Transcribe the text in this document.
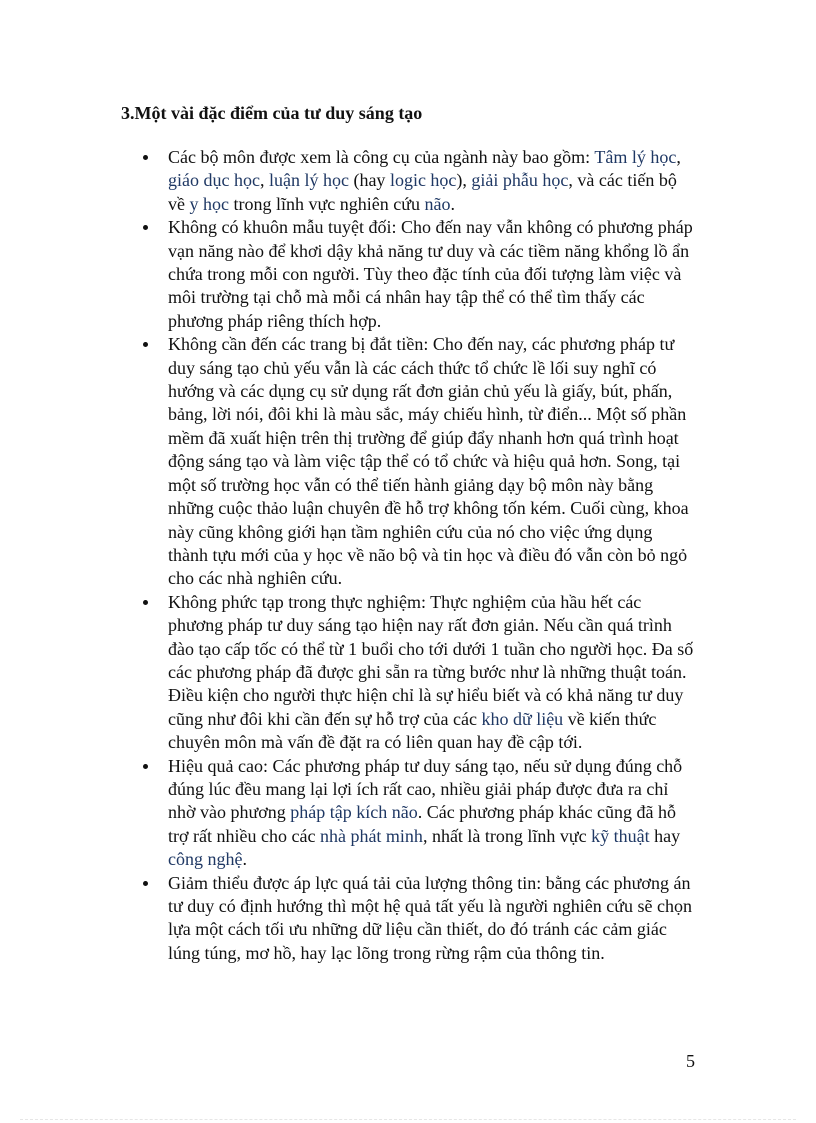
3.Một vài đặc điểm của tư duy sáng tạo
Các bộ môn được xem là công cụ của ngành này bao gồm: Tâm lý học, giáo dục học, luận lý học (hay logic học), giải phẫu học, và các tiến bộ về y học trong lĩnh vực nghiên cứu não.
Không có khuôn mẫu tuyệt đối: Cho đến nay vẫn không có phương pháp vạn năng nào để khơi dậy khả năng tư duy và các tiềm năng khổng lồ ẩn chứa trong mỗi con người. Tùy theo đặc tính của đối tượng làm việc và môi trường tại chỗ mà mỗi cá nhân hay tập thể có thể tìm thấy các phương pháp riêng thích hợp.
Không cần đến các trang bị đắt tiền: Cho đến nay, các phương pháp tư duy sáng tạo chủ yếu vẫn là các cách thức tổ chức lề lối suy nghĩ có hướng và các dụng cụ sử dụng rất đơn giản chủ yếu là giấy, bút, phấn, bảng, lời nói, đôi khi là màu sắc, máy chiếu hình, từ điển... Một số phần mềm đã xuất hiện trên thị trường để giúp đẩy nhanh hơn quá trình hoạt động sáng tạo và làm việc tập thể có tổ chức và hiệu quả hơn. Song, tại một số trường học vẫn có thể tiến hành giảng dạy bộ môn này bằng những cuộc thảo luận chuyên đề hỗ trợ không tốn kém. Cuối cùng, khoa này cũng không giới hạn tầm nghiên cứu của nó cho việc ứng dụng thành tựu mới của y học về não bộ và tin học và điều đó vẫn còn bỏ ngỏ cho các nhà nghiên cứu.
Không phức tạp trong thực nghiệm: Thực nghiệm của hầu hết các phương pháp tư duy sáng tạo hiện nay rất đơn giản. Nếu cần quá trình đào tạo cấp tốc có thể từ 1 buổi cho tới dưới 1 tuần cho người học. Đa số các phương pháp đã được ghi sẵn ra từng bước như là những thuật toán. Điều kiện cho người thực hiện chỉ là sự hiểu biết và có khả năng tư duy cũng như đôi khi cần đến sự hỗ trợ của các kho dữ liệu về kiến thức chuyên môn mà vấn đề đặt ra có liên quan hay đề cập tới.
Hiệu quả cao: Các phương pháp tư duy sáng tạo, nếu sử dụng đúng chỗ đúng lúc đều mang lại lợi ích rất cao, nhiều giải pháp được đưa ra chỉ nhờ vào phương pháp tập kích não. Các phương pháp khác cũng đã hỗ trợ rất nhiều cho các nhà phát minh, nhất là trong lĩnh vực kỹ thuật hay công nghệ.
Giảm thiểu được áp lực quá tải của lượng thông tin: bằng các phương án tư duy có định hướng thì một hệ quả tất yếu là người nghiên cứu sẽ chọn lựa một cách tối ưu những dữ liệu cần thiết, do đó tránh các cảm giác lúng túng, mơ hồ, hay lạc lõng trong rừng rậm của thông tin.
5
